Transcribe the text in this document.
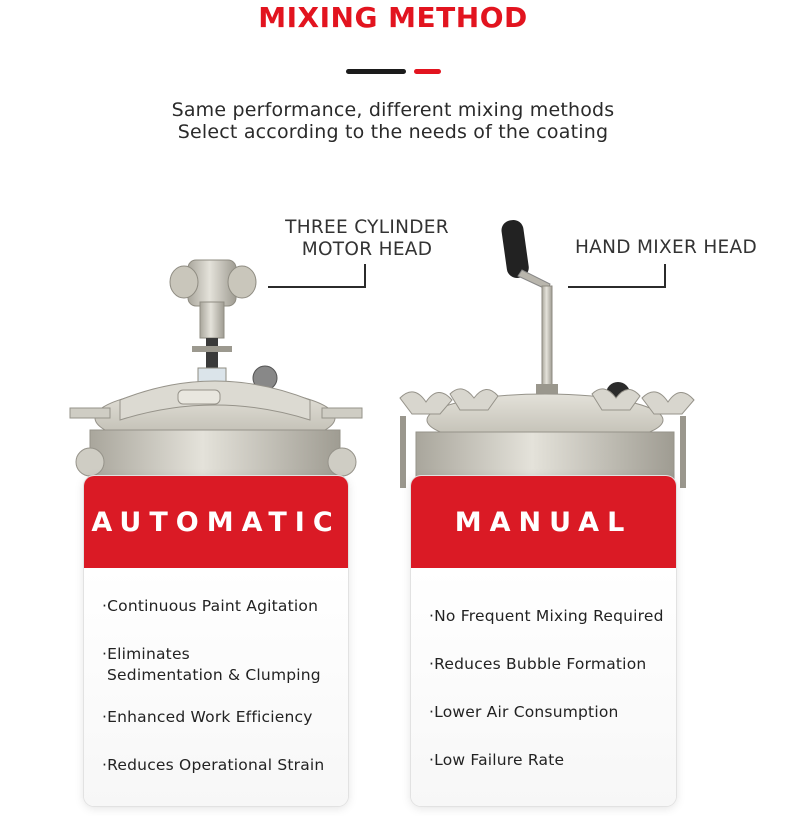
MIXING METHOD
Same performance, different mixing methods
Select according to the needs of the coating
THREE CYLINDER
MOTOR HEAD	HAND MIXER HEAD
AUTOMATIC
·Continuous Paint Agitation
·Eliminates
Sedimentation & Clumping
·Enhanced Work Efficiency
·Reduces Operational Strain
MANUAL
·No Frequent Mixing Required
·Reduces Bubble Formation
·Lower Air Consumption
·Low Failure Rate
